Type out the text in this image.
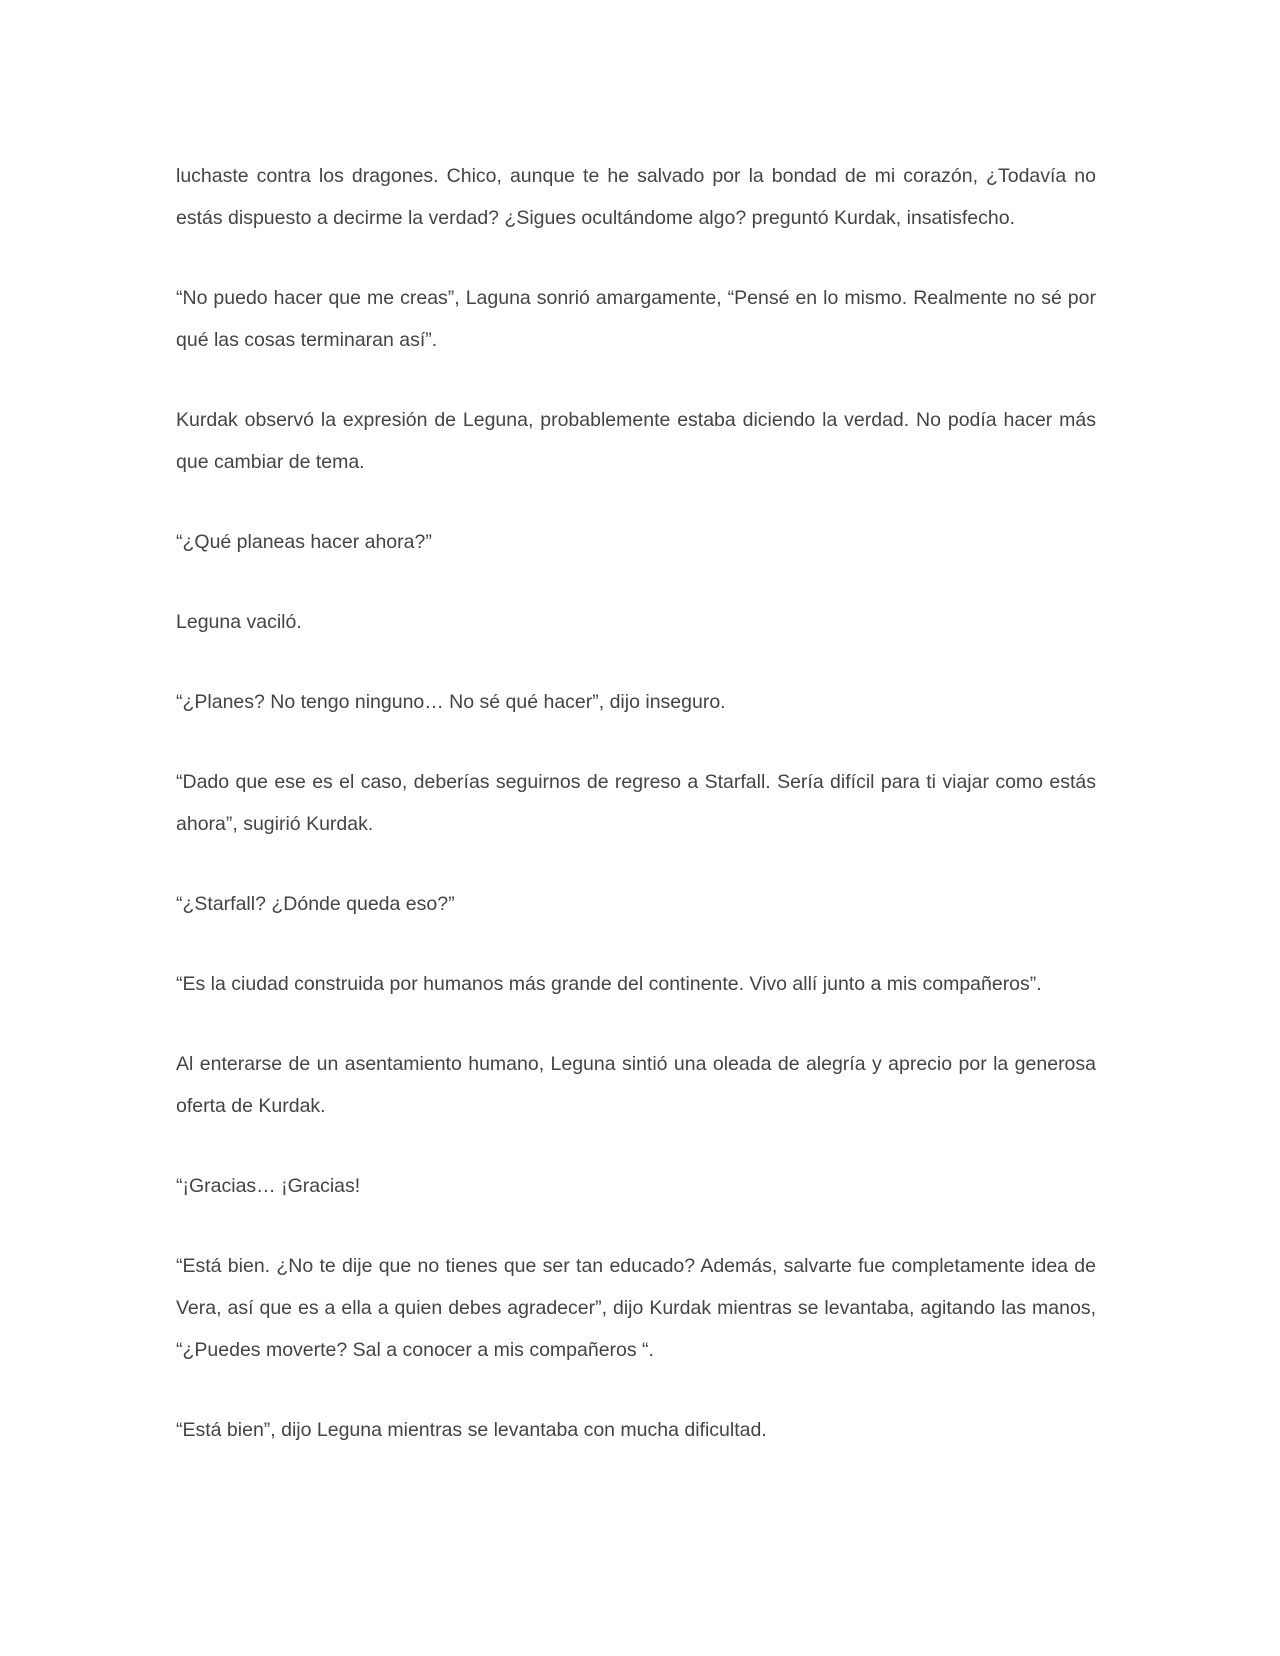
luchaste contra los dragones. Chico, aunque te he salvado por la bondad de mi corazón, ¿Todavía no estás dispuesto a decirme la verdad? ¿Sigues ocultándome algo? preguntó Kurdak, insatisfecho.

“No puedo hacer que me creas”, Laguna sonrió amargamente, “Pensé en lo mismo. Realmente no sé por qué las cosas terminaran así”.

Kurdak observó la expresión de Leguna, probablemente estaba diciendo la verdad. No podía hacer más que cambiar de tema.

“¿Qué planeas hacer ahora?”

Leguna vaciló.

“¿Planes? No tengo ninguno… No sé qué hacer”, dijo inseguro.

“Dado que ese es el caso, deberías seguirnos de regreso a Starfall. Sería difícil para ti viajar como estás ahora”, sugirió Kurdak.

“¿Starfall? ¿Dónde queda eso?”

“Es la ciudad construida por humanos más grande del continente. Vivo allí junto a mis compañeros”.

Al enterarse de un asentamiento humano, Leguna sintió una oleada de alegría y aprecio por la generosa oferta de Kurdak.

“¡Gracias… ¡Gracias!

“Está bien. ¿No te dije que no tienes que ser tan educado? Además, salvarte fue completamente idea de Vera, así que es a ella a quien debes agradecer”, dijo Kurdak mientras se levantaba, agitando las manos, “¿Puedes moverte? Sal a conocer a mis compañeros “.

“Está bien”, dijo Leguna mientras se levantaba con mucha dificultad.
